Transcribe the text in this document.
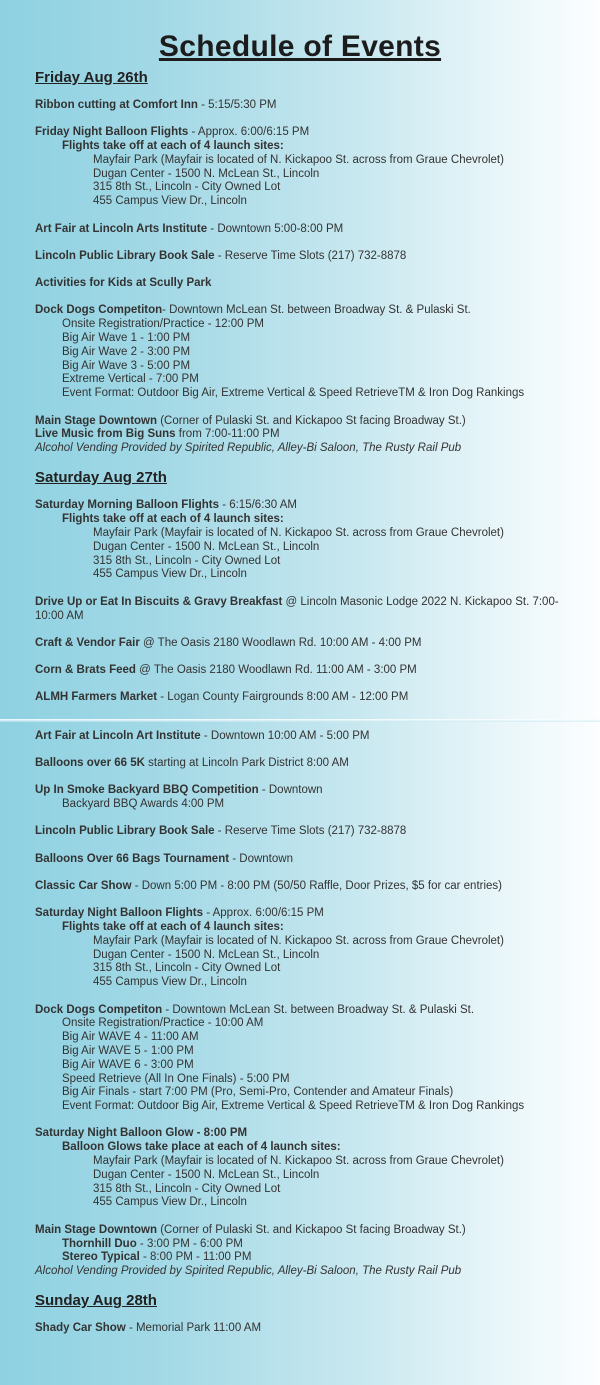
Schedule of Events
Friday Aug 26th
Ribbon cutting at Comfort Inn - 5:15/5:30 PM
Friday Night Balloon Flights - Approx. 6:00/6:15 PM
Flights take off at each of 4 launch sites:
Mayfair Park (Mayfair is located of N. Kickapoo St. across from Graue Chevrolet)
Dugan Center - 1500 N. McLean St., Lincoln
315 8th St., Lincoln - City Owned Lot
455 Campus View Dr., Lincoln
Art Fair at Lincoln Arts Institute - Downtown 5:00-8:00 PM
Lincoln Public Library Book Sale - Reserve Time Slots (217) 732-8878
Activities for Kids at Scully Park
Dock Dogs Competiton- Downtown McLean St. between Broadway St. & Pulaski St.
Onsite Registration/Practice - 12:00 PM
Big Air Wave 1 - 1:00 PM
Big Air Wave 2 - 3:00 PM
Big Air Wave 3 - 5:00 PM
Extreme Vertical - 7:00 PM
Event Format: Outdoor Big Air, Extreme Vertical & Speed RetrieveTM & Iron Dog Rankings
Main Stage Downtown (Corner of Pulaski St. and Kickapoo St facing Broadway St.)
Live Music from Big Suns from 7:00-11:00 PM
Alcohol Vending Provided by Spirited Republic, Alley-Bi Saloon, The Rusty Rail Pub
Saturday Aug 27th
Saturday Morning Balloon Flights - 6:15/6:30 AM
Flights take off at each of 4 launch sites:
Mayfair Park (Mayfair is located of N. Kickapoo St. across from Graue Chevrolet)
Dugan Center - 1500 N. McLean St., Lincoln
315 8th St., Lincoln - City Owned Lot
455 Campus View Dr., Lincoln
Drive Up or Eat In Biscuits & Gravy Breakfast @ Lincoln Masonic Lodge 2022 N. Kickapoo St. 7:00-10:00 AM
Craft & Vendor Fair @ The Oasis 2180 Woodlawn Rd. 10:00 AM - 4:00 PM
Corn & Brats Feed @ The Oasis 2180 Woodlawn Rd. 11:00 AM - 3:00 PM
ALMH Farmers Market - Logan County Fairgrounds 8:00 AM - 12:00 PM
Art Fair at Lincoln Art Institute - Downtown 10:00 AM - 5:00 PM
Balloons over 66 5K starting at Lincoln Park District 8:00 AM
Up In Smoke Backyard BBQ Competition - Downtown
Backyard BBQ Awards 4:00 PM
Lincoln Public Library Book Sale - Reserve Time Slots (217) 732-8878
Balloons Over 66 Bags Tournament - Downtown
Classic Car Show - Down 5:00 PM - 8:00 PM (50/50 Raffle, Door Prizes, $5 for car entries)
Saturday Night Balloon Flights - Approx. 6:00/6:15 PM
Flights take off at each of 4 launch sites:
Mayfair Park (Mayfair is located of N. Kickapoo St. across from Graue Chevrolet)
Dugan Center - 1500 N. McLean St., Lincoln
315 8th St., Lincoln - City Owned Lot
455 Campus View Dr., Lincoln
Dock Dogs Competiton - Downtown McLean St. between Broadway St. & Pulaski St.
Onsite Registration/Practice - 10:00 AM
Big Air WAVE 4 - 11:00 AM
Big Air WAVE 5 - 1:00 PM
Big Air WAVE 6 - 3:00 PM
Speed Retrieve (All In One Finals) - 5:00 PM
Big Air Finals - start 7:00 PM (Pro, Semi-Pro, Contender and Amateur Finals)
Event Format: Outdoor Big Air, Extreme Vertical & Speed RetrieveTM & Iron Dog Rankings
Saturday Night Balloon Glow - 8:00 PM
Balloon Glows take place at each of 4 launch sites:
Mayfair Park (Mayfair is located of N. Kickapoo St. across from Graue Chevrolet)
Dugan Center - 1500 N. McLean St., Lincoln
315 8th St., Lincoln - City Owned Lot
455 Campus View Dr., Lincoln
Main Stage Downtown (Corner of Pulaski St. and Kickapoo St facing Broadway St.)
Thornhill Duo - 3:00 PM - 6:00 PM
Stereo Typical - 8:00 PM - 11:00 PM
Alcohol Vending Provided by Spirited Republic, Alley-Bi Saloon, The Rusty Rail Pub
Sunday Aug 28th
Shady Car Show - Memorial Park 11:00 AM
